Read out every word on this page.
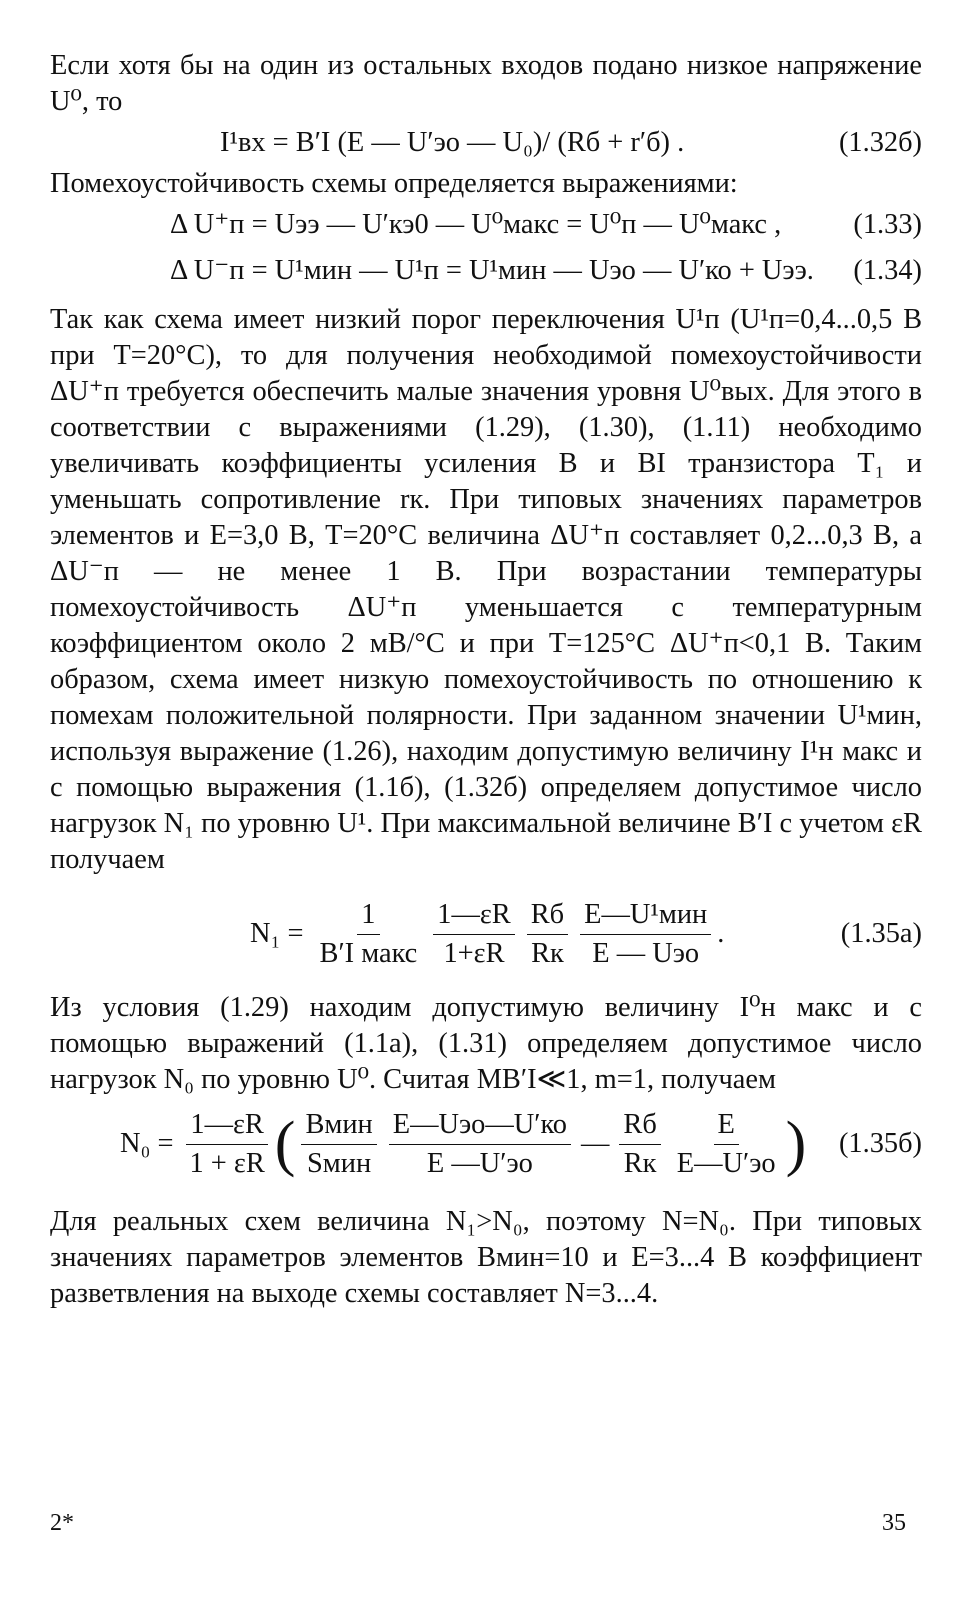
Если хотя бы на один из остальных входов подано низкое напряжение U⁰, то

I¹вх = B′I (E — U′эо — U₀)/ (Rб + r′б) .	(1.32б)

Помехоустойчивость схемы определяется выражениями:

Δ U⁺п = Uээ — U′кэ0 — U⁰макс = U⁰п — U⁰макс ,	(1.33)
Δ U⁻п = U¹мин — U¹п = U¹мин — Uэо — U′ко + Uээ. (1.34)

Так как схема имеет низкий порог переключения U¹п (U¹п=0,4...0,5 В при T=20°C), то для получения необходимой помехоустойчивости ΔU⁺п требуется обеспечить малые значения уровня U⁰вых. Для этого в соответствии с выражениями (1.29), (1.30), (1.11) необходимо увеличивать коэффициенты усиления B и BI транзистора T₁ и уменьшать сопротивление rк. При типовых значениях параметров элементов и E=3,0 В, T=20°C величина ΔU⁺п составляет 0,2...0,3 B, а ΔU⁻п — не менее 1 В. При возрастании температуры помехоустойчивость ΔU⁺п уменьшается с температурным коэффициентом около 2 мВ/°C и при T=125°C ΔU⁺п<0,1 В. Таким образом, схема имеет низкую помехоустойчивость по отношению к помехам положительной полярности. При заданном значении U¹мин, используя выражение (1.26), находим допустимую величину I¹н макс и с помощью выражения (1.1б), (1.32б) определяем допустимое число нагрузок N₁ по уровню U¹. При максимальной величине B′I с учетом εR получаем

$N_1 = \frac{1}{\text{B′I макс}} \frac{1—\varepsilon R}{1+\varepsilon R} \frac{Rб}{Rк} \frac{\text{E—U¹мин}}{\text{E — Uэо}}$ .	(1.35а)

Из условия (1.29) находим допустимую величину I⁰н макс и с помощью выражений (1.1а), (1.31) определяем допустимое число нагрузок N₀ по уровню U⁰. Считая MB′I≪1, m=1, получаем

$N_0 = \frac{1—\varepsilon R}{1 + \varepsilon R}$ ( $\frac{\text{Bмин}}{\text{Sмин}} \frac{\text{E—Uэо—U′ко}}{E —U'эо}$ — $\frac{Rб}{Rк} \frac{E}{E—U'эо}$ ) (1.35б)

Для реальных схем величина N₁>N₀, поэтому N=N₀. При типовых значениях параметров элементов Bмин=10 и E=3...4 В коэффициент разветвления на выходе схемы составляет N=3...4.

2*	35
